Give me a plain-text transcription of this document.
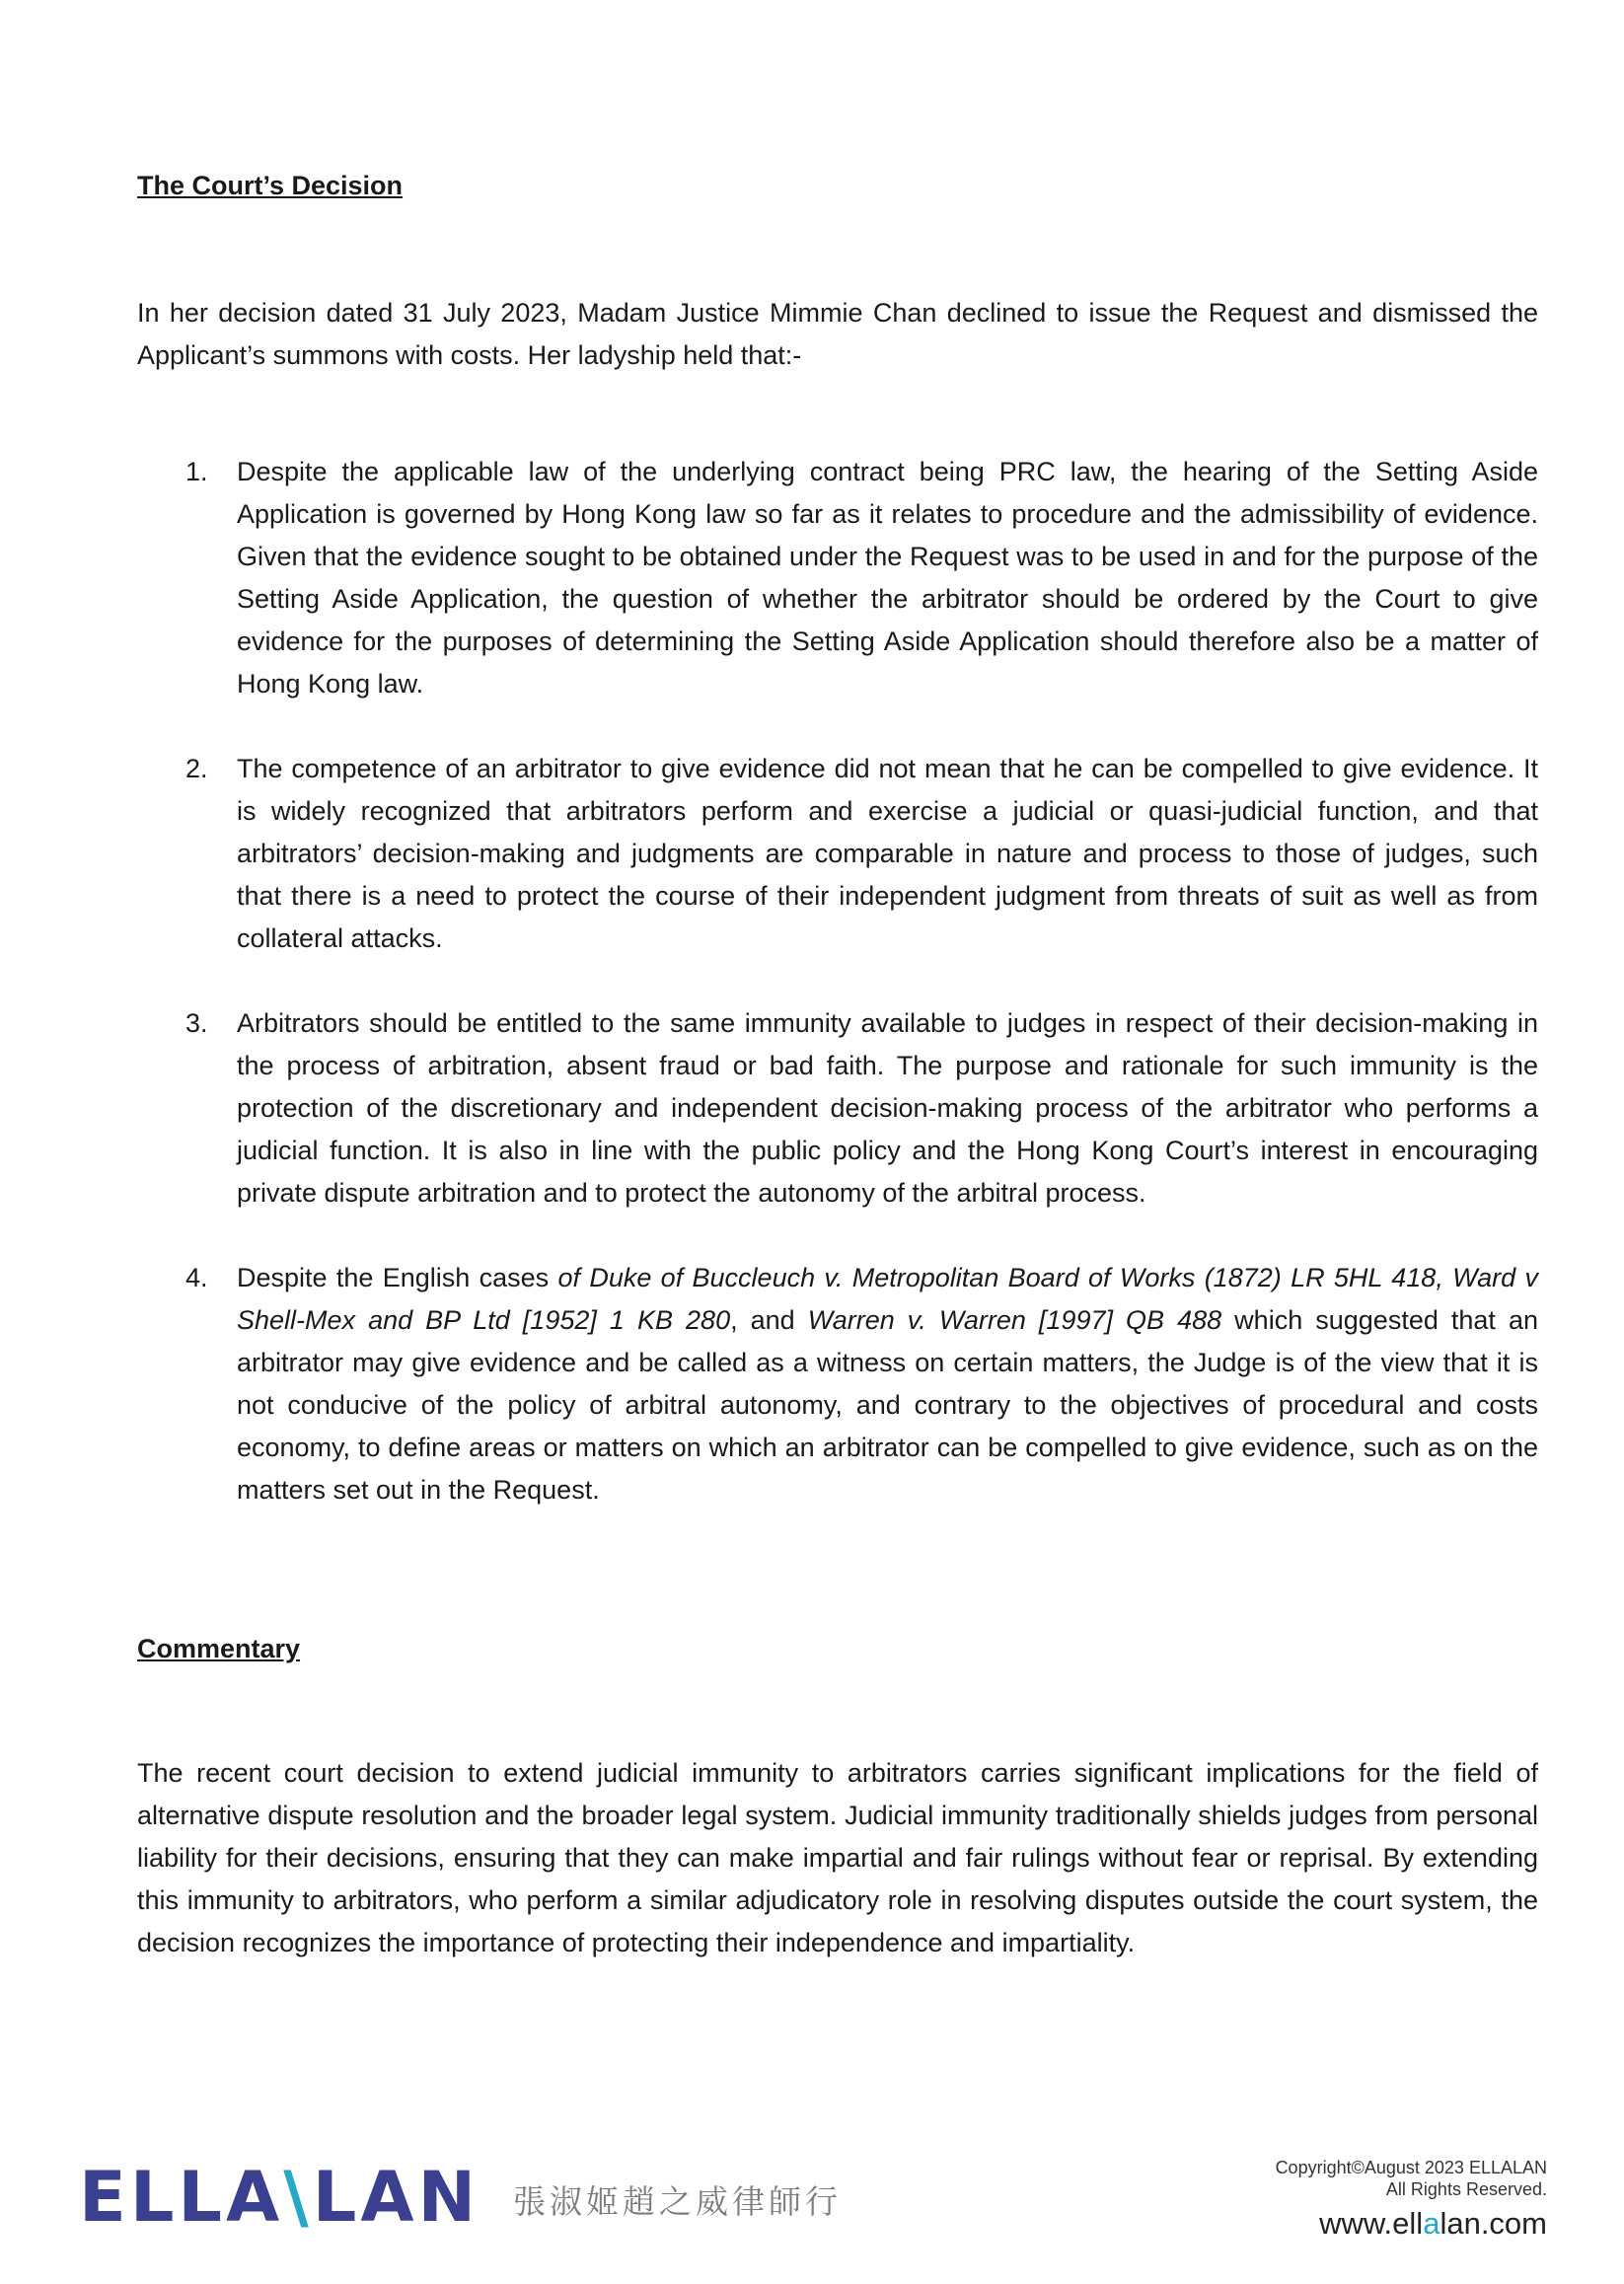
The Court’s Decision

In her decision dated 31 July 2023, Madam Justice Mimmie Chan declined to issue the Request and dismissed the Applicant’s summons with costs. Her ladyship held that:-

1. Despite the applicable law of the underlying contract being PRC law, the hearing of the Setting Aside Application is governed by Hong Kong law so far as it relates to procedure and the admissibility of evidence. Given that the evidence sought to be obtained under the Request was to be used in and for the purpose of the Setting Aside Application, the question of whether the arbitrator should be ordered by the Court to give evidence for the purposes of determining the Setting Aside Application should therefore also be a matter of Hong Kong law.
2. The competence of an arbitrator to give evidence did not mean that he can be compelled to give evidence. It is widely recognized that arbitrators perform and exercise a judicial or quasi-judicial function, and that arbitrators’ decision-making and judgments are comparable in nature and process to those of judges, such that there is a need to protect the course of their independent judgment from threats of suit as well as from collateral attacks.
3. Arbitrators should be entitled to the same immunity available to judges in respect of their decision-making in the process of arbitration, absent fraud or bad faith. The purpose and rationale for such immunity is the protection of the discretionary and independent decision-making process of the arbitrator who performs a judicial function. It is also in line with the public policy and the Hong Kong Court’s interest in encouraging private dispute arbitration and to protect the autonomy of the arbitral process.
4. Despite the English cases of Duke of Buccleuch v. Metropolitan Board of Works (1872) LR 5HL 418, Ward v Shell-Mex and BP Ltd [1952] 1 KB 280, and Warren v. Warren [1997] QB 488 which suggested that an arbitrator may give evidence and be called as a witness on certain matters, the Judge is of the view that it is not conducive of the policy of arbitral autonomy, and contrary to the objectives of procedural and costs economy, to define areas or matters on which an arbitrator can be compelled to give evidence, such as on the matters set out in the Request.
Commentary

The recent court decision to extend judicial immunity to arbitrators carries significant implications for the field of alternative dispute resolution and the broader legal system. Judicial immunity traditionally shields judges from personal liability for their decisions, ensuring that they can make impartial and fair rulings without fear or reprisal. By extending this immunity to arbitrators, who perform a similar adjudicatory role in resolving disputes outside the court system, the decision recognizes the importance of protecting their independence and impartiality.

ELLA\LAN 張淑姬趙之威律師行
Copyright©August 2023 ELLALAN
All Rights Reserved.
www.ellalan.com
